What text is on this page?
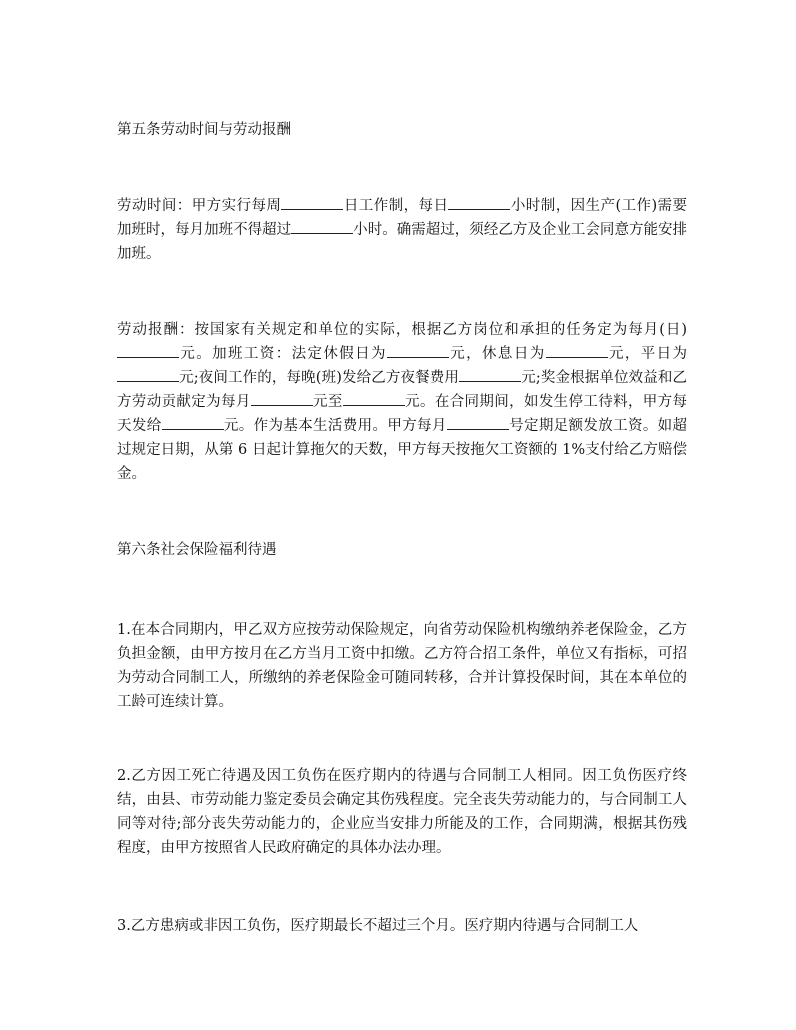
第五条劳动时间与劳动报酬
劳动时间：甲方实行每周	日工作制，每日	小时制，因生产(工作)需要加班时，每月加班不得超过	小时。确需超过，须经乙方及企业工会同意方能安排加班。
劳动报酬：按国家有关规定和单位的实际，根据乙方岗位和承担的任务定为每月(日)元。加班工资：法定休假日为	元，休息日为	元，平日为元;夜间工作的，每晚(班)发给乙方夜餐费用	元;奖金根据单位效益和乙方劳动贡献定为每月	元至	元。在合同期间，如发生停工待料，甲方每天发给	元。作为基本生活费用。甲方每月	号定期足额发放工资。如超过规定日期，从第 6 日起计算拖欠的天数，甲方每天按拖欠工资额的 1%支付给乙方赔偿金。
第六条社会保险福利待遇
1.在本合同期内，甲乙双方应按劳动保险规定，向省劳动保险机构缴纳养老保险金，乙方负担金额，由甲方按月在乙方当月工资中扣缴。乙方符合招工条件，单位又有指标，可招为劳动合同制工人，所缴纳的养老保险金可随同转移，合并计算投保时间，其在本单位的工龄可连续计算。
2.乙方因工死亡待遇及因工负伤在医疗期内的待遇与合同制工人相同。因工负伤医疗终结，由县、市劳动能力鉴定委员会确定其伤残程度。完全丧失劳动能力的，与合同制工人同等对待;部分丧失劳动能力的，企业应当安排力所能及的工作，合同期满，根据其伤残程度，由甲方按照省人民政府确定的具体办法办理。
3.乙方患病或非因工负伤，医疗期最长不超过三个月。医疗期内待遇与合同制工人
